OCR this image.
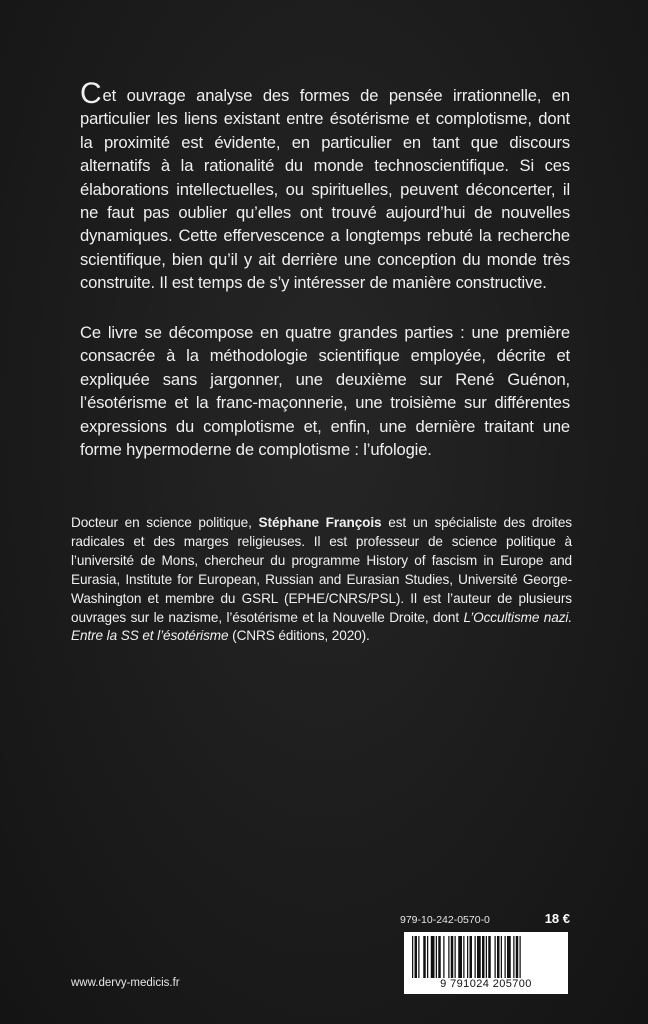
Cet ouvrage analyse des formes de pensée irrationnelle, en particulier les liens existant entre ésotérisme et complotisme, dont la proximité est évidente, en particulier en tant que discours alternatifs à la rationalité du monde technoscientifique. Si ces élaborations intellectuelles, ou spirituelles, peuvent déconcerter, il ne faut pas oublier qu’elles ont trouvé aujourd’hui de nouvelles dynamiques. Cette effervescence a longtemps rebuté la recherche scientifique, bien qu’il y ait derrière une conception du monde très construite. Il est temps de s’y intéresser de manière constructive.

Ce livre se décompose en quatre grandes parties : une première consacrée à la méthodologie scientifique employée, décrite et expliquée sans jargonner, une deuxième sur René Guénon, l’ésotérisme et la franc-maçonnerie, une troisième sur différentes expressions du complotisme et, enfin, une dernière traitant une forme hypermoderne de complotisme : l’ufologie.

Docteur en science politique, Stéphane François est un spécialiste des droites radicales et des marges religieuses. Il est professeur de science politique à l’université de Mons, chercheur du programme History of fascism in Europe and Eurasia, Institute for European, Russian and Eurasian Studies, Université George-Washington et membre du GSRL (EPHE/CNRS/PSL). Il est l’auteur de plusieurs ouvrages sur le nazisme, l’ésotérisme et la Nouvelle Droite, dont L’Occultisme nazi. Entre la SS et l’ésotérisme (CNRS éditions, 2020).

979-10-242-0570-0	18 €
9 791024 205700
www.dervy-medicis.fr
